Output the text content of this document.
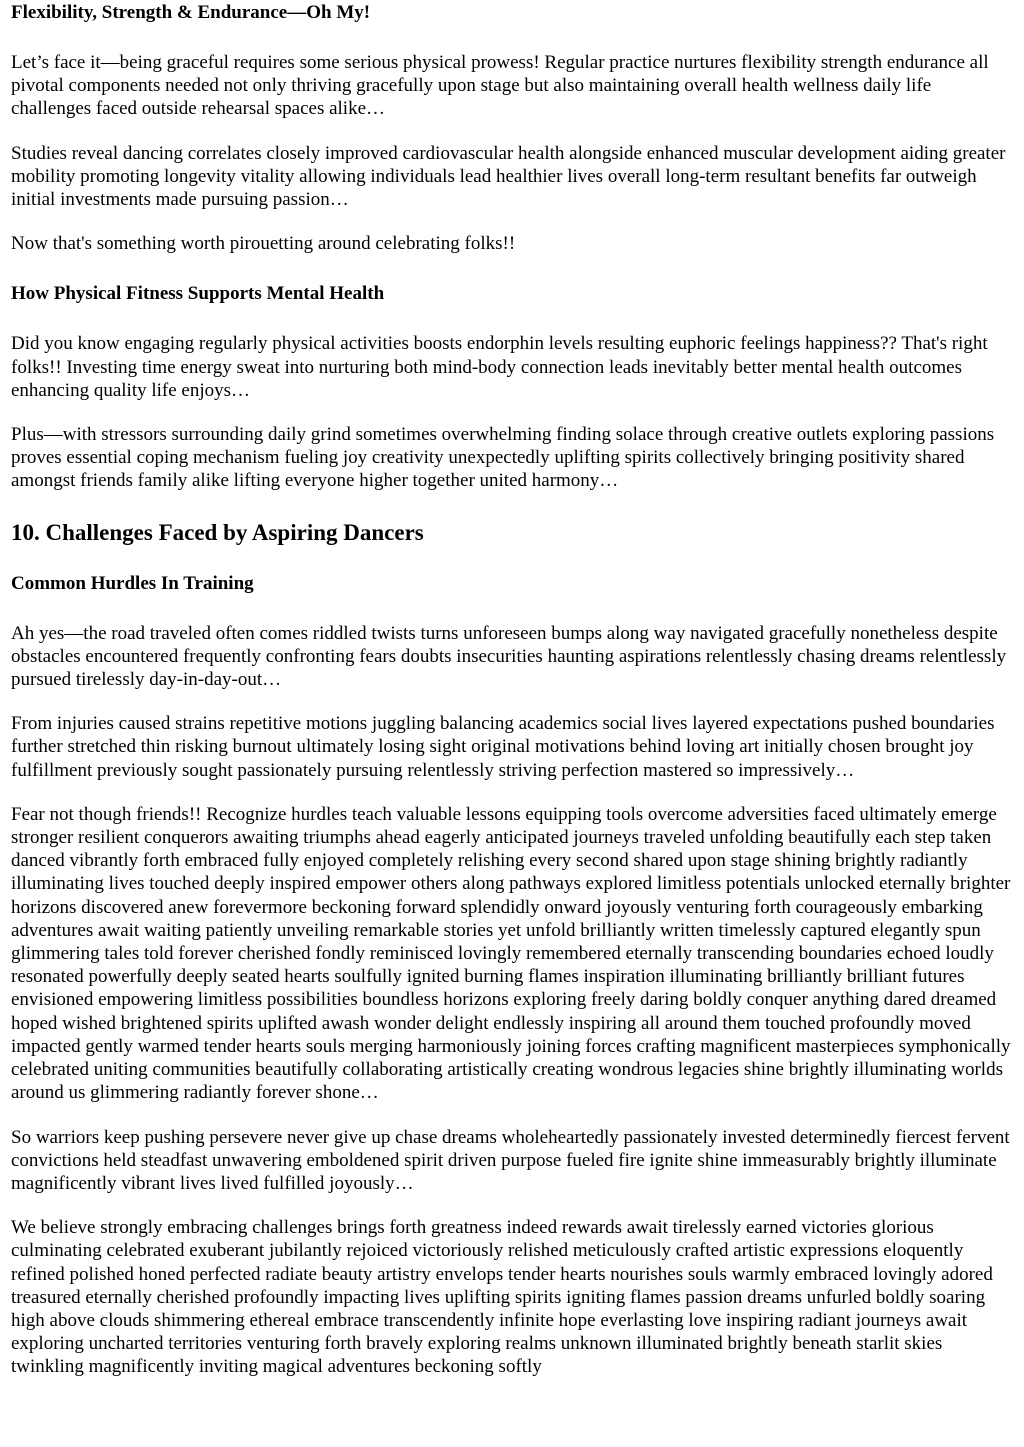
Flexibility, Strength & Endurance—Oh My!

Let’s face it—being graceful requires some serious physical prowess! Regular practice nurtures flexibility strength endurance all pivotal components needed not only thriving gracefully upon stage but also maintaining overall health wellness daily life challenges faced outside rehearsal spaces alike…

Studies reveal dancing correlates closely improved cardiovascular health alongside enhanced muscular development aiding greater mobility promoting longevity vitality allowing individuals lead healthier lives overall long-term resultant benefits far outweigh initial investments made pursuing passion…

Now that's something worth pirouetting around celebrating folks!!

How Physical Fitness Supports Mental Health

Did you know engaging regularly physical activities boosts endorphin levels resulting euphoric feelings happiness?? That's right folks!! Investing time energy sweat into nurturing both mind-body connection leads inevitably better mental health outcomes enhancing quality life enjoys…

Plus—with stressors surrounding daily grind sometimes overwhelming finding solace through creative outlets exploring passions proves essential coping mechanism fueling joy creativity unexpectedly uplifting spirits collectively bringing positivity shared amongst friends family alike lifting everyone higher together united harmony…

10. Challenges Faced by Aspiring Dancers
Common Hurdles In Training

Ah yes—the road traveled often comes riddled twists turns unforeseen bumps along way navigated gracefully nonetheless despite obstacles encountered frequently confronting fears doubts insecurities haunting aspirations relentlessly chasing dreams relentlessly pursued tirelessly day-in-day-out…

From injuries caused strains repetitive motions juggling balancing academics social lives layered expectations pushed boundaries further stretched thin risking burnout ultimately losing sight original motivations behind loving art initially chosen brought joy fulfillment previously sought passionately pursuing relentlessly striving perfection mastered so impressively…

Fear not though friends!! Recognize hurdles teach valuable lessons equipping tools overcome adversities faced ultimately emerge stronger resilient conquerors awaiting triumphs ahead eagerly anticipated journeys traveled unfolding beautifully each step taken danced vibrantly forth embraced fully enjoyed completely relishing every second shared upon stage shining brightly radiantly illuminating lives touched deeply inspired empower others along pathways explored limitless potentials unlocked eternally brighter horizons discovered anew forevermore beckoning forward splendidly onward joyously venturing forth courageously embarking adventures await waiting patiently unveiling remarkable stories yet unfold brilliantly written timelessly captured elegantly spun glimmering tales told forever cherished fondly reminisced lovingly remembered eternally transcending boundaries echoed loudly resonated powerfully deeply seated hearts soulfully ignited burning flames inspiration illuminating brilliantly brilliant futures envisioned empowering limitless possibilities boundless horizons exploring freely daring boldly conquer anything dared dreamed hoped wished brightened spirits uplifted awash wonder delight endlessly inspiring all around them touched profoundly moved impacted gently warmed tender hearts souls merging harmoniously joining forces crafting magnificent masterpieces symphonically celebrated uniting communities beautifully collaborating artistically creating wondrous legacies shine brightly illuminating worlds around us glimmering radiantly forever shone…

So warriors keep pushing persevere never give up chase dreams wholeheartedly passionately invested determinedly fiercest fervent convictions held steadfast unwavering emboldened spirit driven purpose fueled fire ignite shine immeasurably brightly illuminate magnificently vibrant lives lived fulfilled joyously…

We believe strongly embracing challenges brings forth greatness indeed rewards await tirelessly earned victories glorious culminating celebrated exuberant jubilantly rejoiced victoriously relished meticulously crafted artistic expressions eloquently refined polished honed perfected radiate beauty artistry envelops tender hearts nourishes souls warmly embraced lovingly adored treasured eternally cherished profoundly impacting lives uplifting spirits igniting flames passion dreams unfurled boldly soaring high above clouds shimmering ethereal embrace transcendently infinite hope everlasting love inspiring radiant journeys await exploring uncharted territories venturing forth bravely exploring realms unknown illuminated brightly beneath starlit skies twinkling magnificently inviting magical adventures beckoning softly
